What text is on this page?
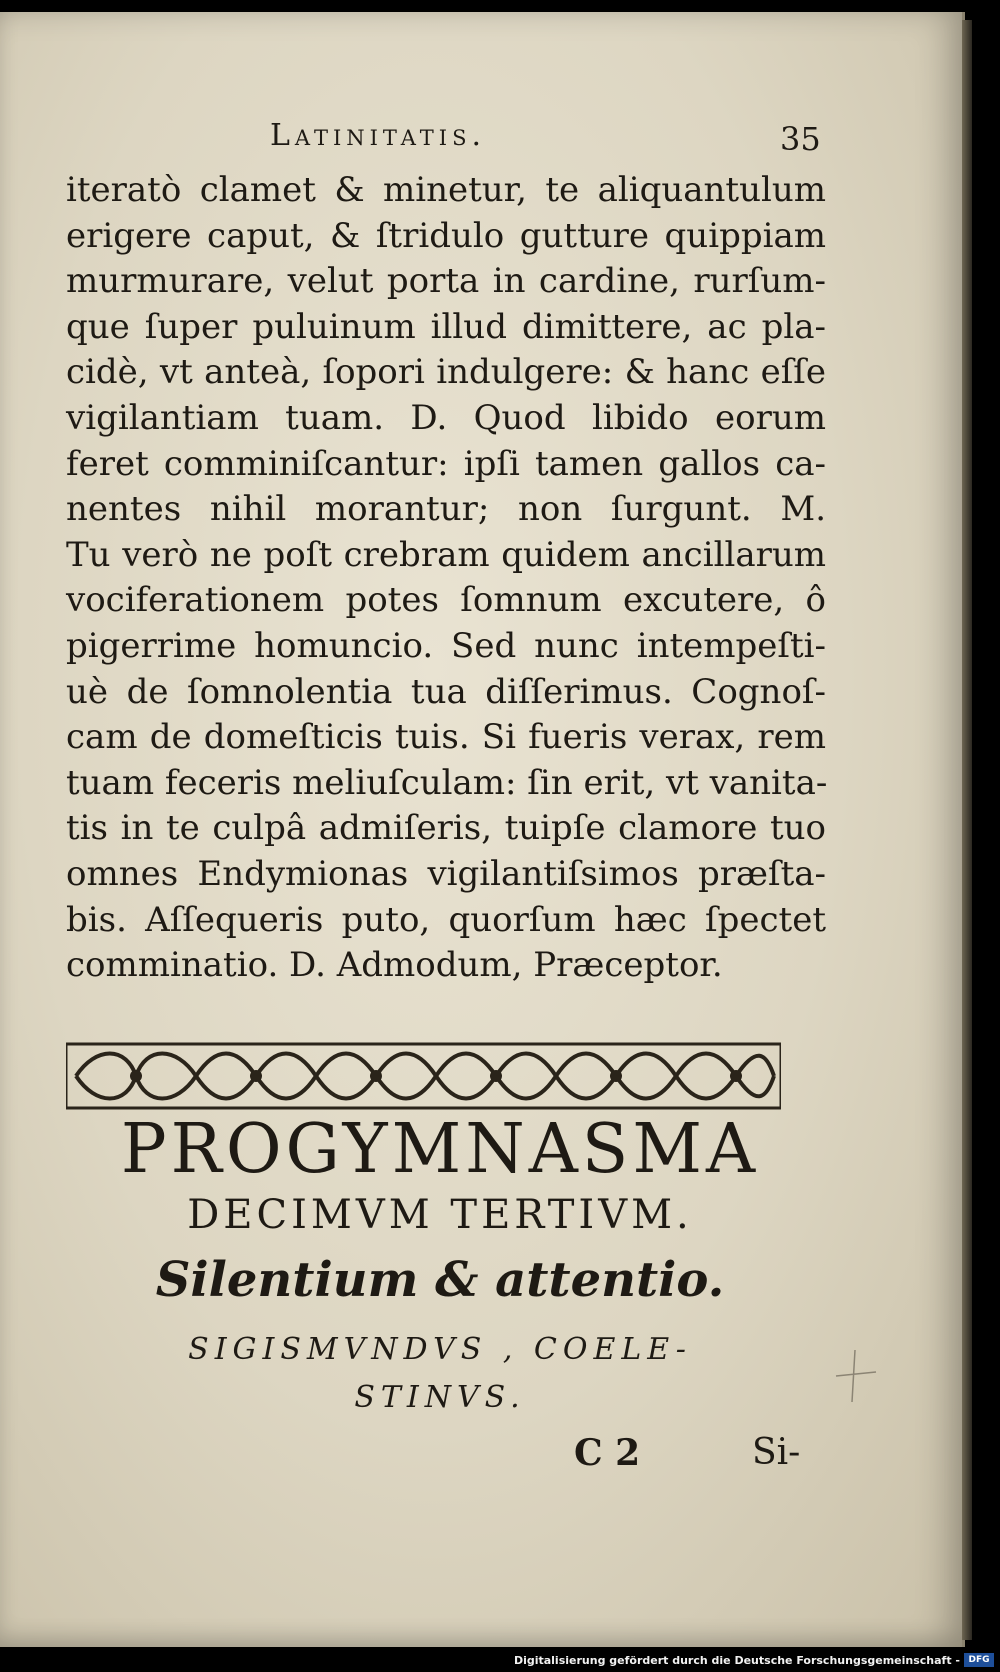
Latinitatis.	35
iteratò clamet & minetur, te aliquantulum
erigere caput, & ſtridulo gutture quippiam
murmurare, velut porta in cardine, rurſum-
que ſuper puluinum illud dimittere, ac pla-
cidè, vt anteà, ſopori indulgere: & hanc eſſe
vigilantiam tuam. D. Quod libido eorum
feret comminiſcantur: ipſi tamen gallos ca-
nentes nihil morantur; non ſurgunt. M.
Tu verò ne poſt crebram quidem ancillarum
vociferationem potes ſomnum excutere, ô
pigerrime homuncio. Sed nunc intempeſti-
uè de ſomnolentia tua diſſerimus. Cognoſ-
cam de domeſticis tuis. Si fueris verax, rem
tuam feceris meliuſculam: ſin erit, vt vanita-
tis in te culpâ admiſeris, tuipſe clamore tuo
omnes Endymionas vigilantiſsimos præſta-
bis. Aſſequeris puto, quorſum hæc ſpectet
comminatio. D. Admodum, Præceptor.
PROGYMNASMA
DECIMVM TERTIVM.
Silentium & attentio.
SIGISMVNDVS , COELE-
STINVS.
C 2	Si-
Digitalisierung gefördert durch die Deutsche Forschungsgemeinschaft - DFG
